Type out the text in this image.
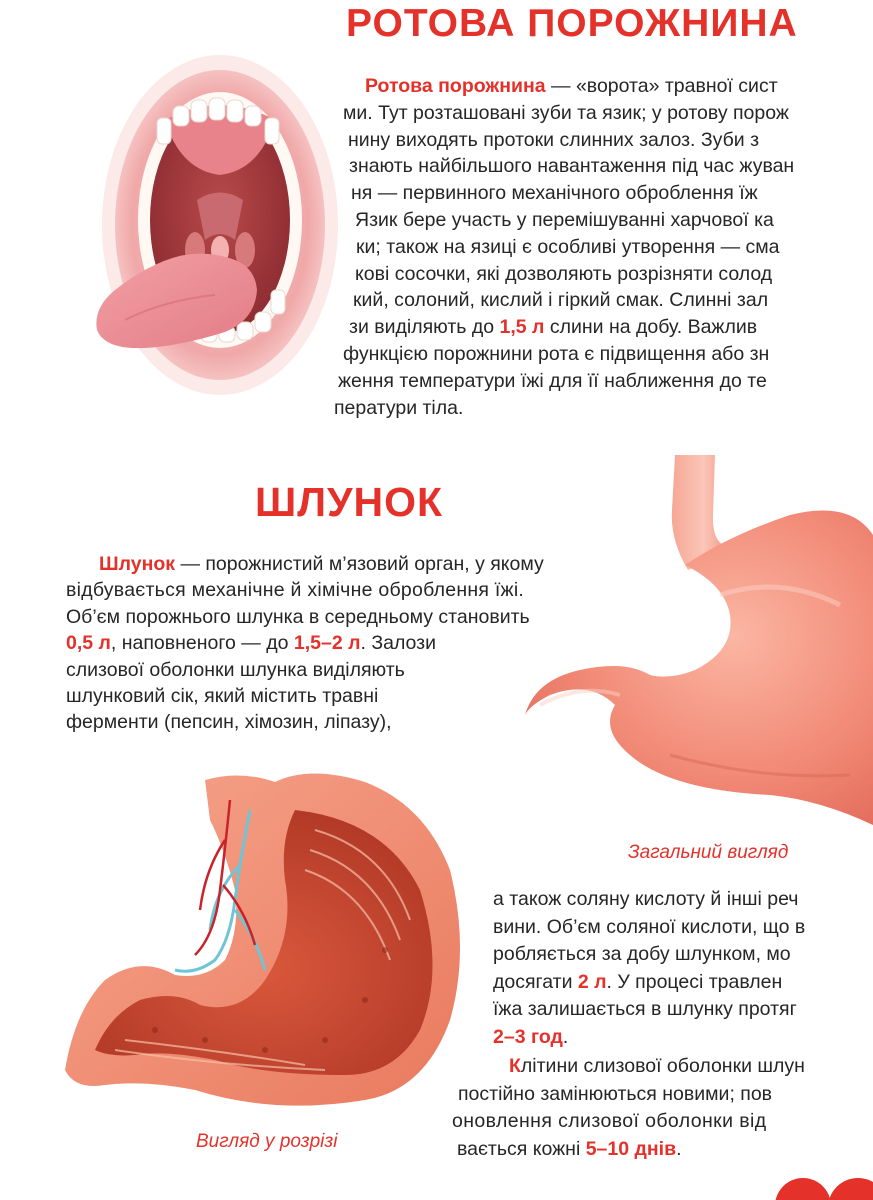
РОТОВА ПОРОЖНИНА

Ротова порожнина — «ворота» травної сист
ми. Тут розташовані зуби та язик; у ротову порож
нину виходять протоки слинних залоз. Зуби з
знають найбільшого навантаження під час жуван
ня — первинного механічного оброблення їж
Язик бере участь у перемішуванні харчової ка
ки; також на язиці є особливі утворення — сма
кові сосочки, які дозволяють розрізняти солод
кий, солоний, кислий і гіркий смак. Слинні зал
зи виділяють до 1,5 л слини на добу. Важлив
функцією порожнини рота є підвищення або зн
ження температури їжі для її наближення до те
ператури тіла.

ШЛУНОК

Шлунок — порожнистий м’язовий орган, у якому
відбувається механічне й хімічне оброблення їжі.
Об’єм порожнього шлунка в середньому становить
0,5 л, наповненого — до 1,5–2 л. Залози
слизової оболонки шлунка виділяють
шлунковий сік, який містить травні
ферменти (пепсин, хімозин, ліпазу),

Загальний вигляд

Вигляд у розрізі

а також соляну кислоту й інші реч
вини. Об’єм соляної кислоти, що в
робляється за добу шлунком, мо
досягати 2 л. У процесі травлен
їжа залишається в шлунку протяг
2–3 год.

Клітини слизової оболонки шлун
постійно замінюються новими; пов
оновлення слизової оболонки від
вається кожні 5–10 днів.
